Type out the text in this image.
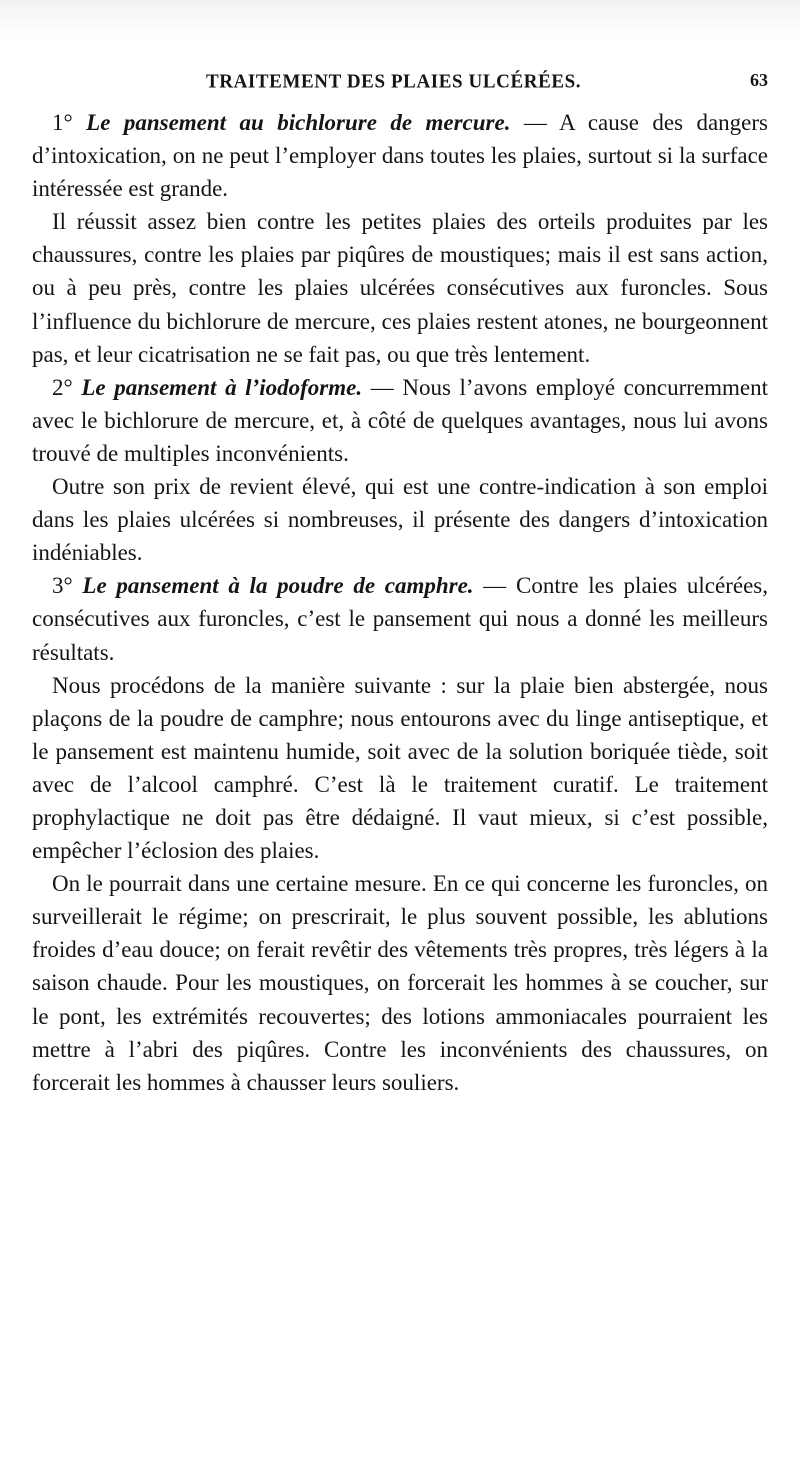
TRAITEMENT DES PLAIES ULCÉRÉES.	63

1° Le pansement au bichlorure de mercure. — A cause des dangers d’intoxication, on ne peut l’employer dans toutes les plaies, surtout si la surface intéressée est grande.

Il réussit assez bien contre les petites plaies des orteils produites par les chaussures, contre les plaies par piqûres de moustiques; mais il est sans action, ou à peu près, contre les plaies ulcérées consécutives aux furoncles. Sous l’influence du bichlorure de mercure, ces plaies restent atones, ne bourgeonnent pas, et leur cicatrisation ne se fait pas, ou que très lentement.

2° Le pansement à l’iodoforme. — Nous l’avons employé concurremment avec le bichlorure de mercure, et, à côté de quelques avantages, nous lui avons trouvé de multiples inconvénients.

Outre son prix de revient élevé, qui est une contre-indication à son emploi dans les plaies ulcérées si nombreuses, il présente des dangers d’intoxication indéniables.

3° Le pansement à la poudre de camphre. — Contre les plaies ulcérées, consécutives aux furoncles, c’est le pansement qui nous a donné les meilleurs résultats.

Nous procédons de la manière suivante : sur la plaie bien abstergée, nous plaçons de la poudre de camphre; nous entourons avec du linge antiseptique, et le pansement est maintenu humide, soit avec de la solution boriquée tiède, soit avec de l’alcool camphré. C’est là le traitement curatif. Le traitement prophylactique ne doit pas être dédaigné. Il vaut mieux, si c’est possible, empêcher l’éclosion des plaies.

On le pourrait dans une certaine mesure. En ce qui concerne les furoncles, on surveillerait le régime; on prescrirait, le plus souvent possible, les ablutions froides d’eau douce; on ferait revêtir des vêtements très propres, très légers à la saison chaude. Pour les moustiques, on forcerait les hommes à se coucher, sur le pont, les extrémités recouvertes; des lotions ammoniacales pourraient les mettre à l’abri des piqûres. Contre les inconvénients des chaussures, on forcerait les hommes à chausser leurs souliers.
